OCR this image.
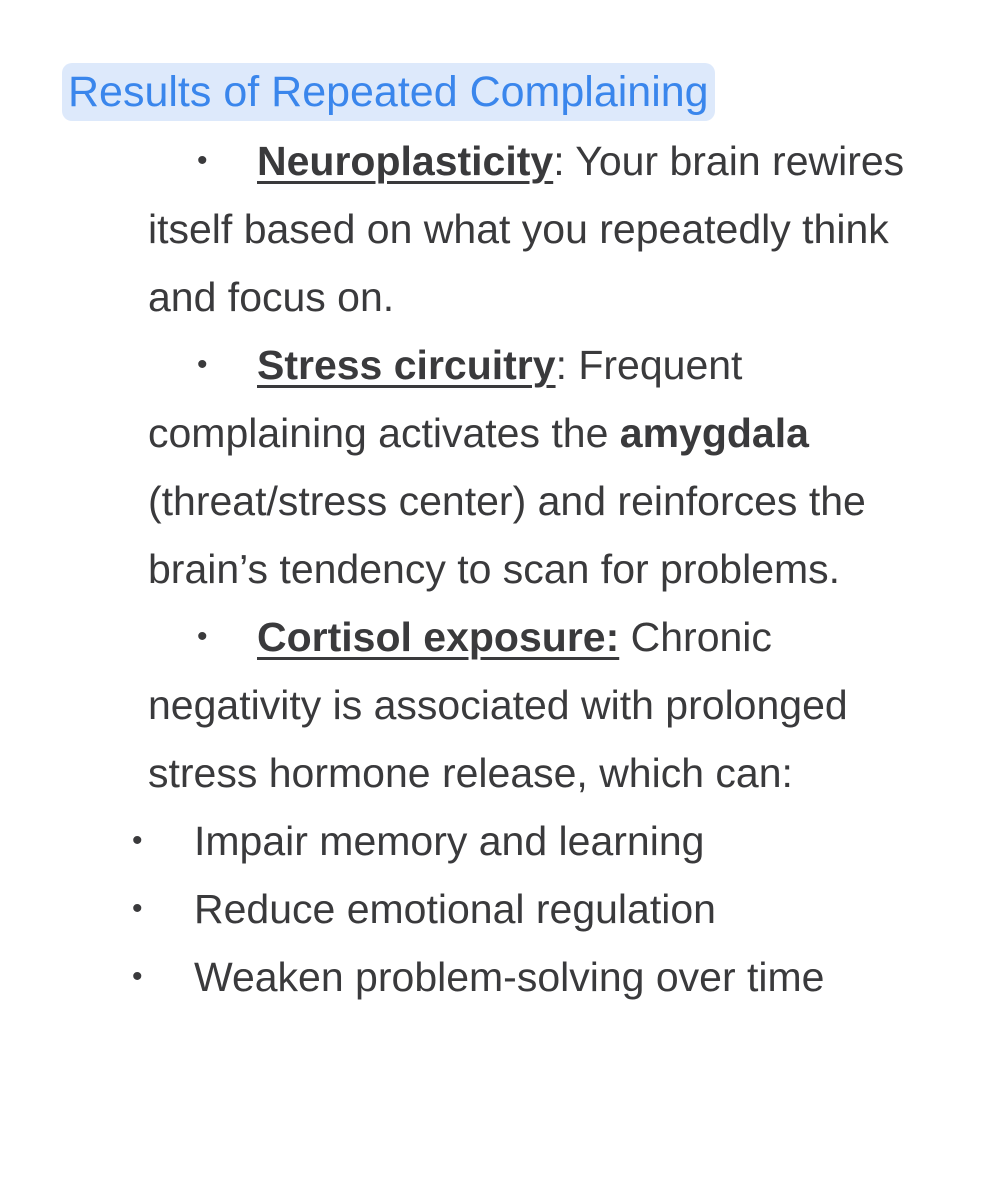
Results of Repeated Complaining
• Neuroplasticity: Your brain rewires itself based on what you repeatedly think and focus on.
• Stress circuitry: Frequent complaining activates the amygdala (threat/stress center) and reinforces the brain’s tendency to scan for problems.
• Cortisol exposure: Chronic negativity is associated with prolonged stress hormone release, which can:
• Impair memory and learning
• Reduce emotional regulation
• Weaken problem-solving over time
